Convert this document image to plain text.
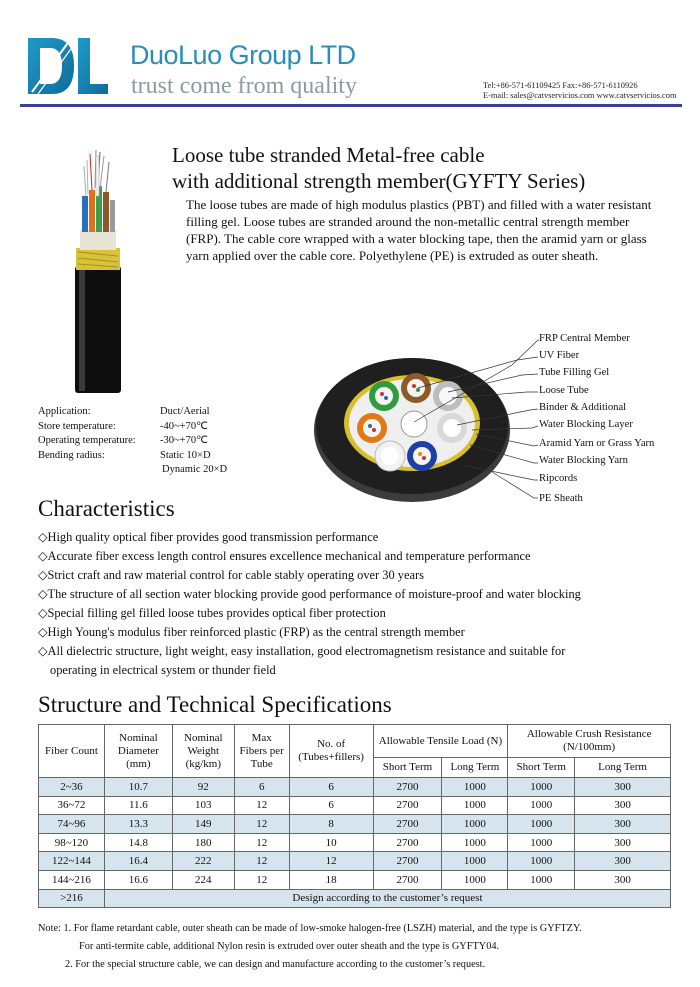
DuoLuo Group LTD
trust come from quality	Tel:+86-571-61109425 Fax:+86-571-6110926
E-mail: sales@catvservicios.com www.catvservicios.com
Loose tube stranded Metal-free cable
with additional strength member(GYFTY Series)
The loose tubes are made of high modulus plastics (PBT) and filled with a water resistant filling gel. Loose tubes are stranded around the non-metallic central strength member (FRP). The cable core wrapped with a water blocking tape, then the aramid yarn or glass yarn applied over the cable core. Polyethylene (PE) is extruded as outer sheath.
Application:	Duct/Aerial
Store temperature:	-40~+70℃
Operating temperature:	-30~+70℃
Bending radius:	Static 10×D
Dynamic 20×D
FRP Central Member
UV Fiber
Tube Filling Gel
Loose Tube
Binder & Additional
Water Blocking Layer
Aramid Yarn or Grass Yarn
Water Blocking Yarn
Ripcords
PE Sheath
Characteristics
◇High quality optical fiber provides good transmission performance
◇Accurate fiber excess length control ensures excellence mechanical and temperature performance
◇Strict craft and raw material control for cable stably operating over 30 years
◇The structure of all section water blocking provide good performance of moisture-proof and water blocking
◇Special filling gel filled loose tubes provides optical fiber protection
◇High Young's modulus fiber reinforced plastic (FRP) as the central strength member
◇All dielectric structure, light weight, easy installation, good electromagnetism resistance and suitable for
operating in electrical system or thunder field
Structure and Technical Specifications
Fiber Count	Nominal Diameter (mm)	Nominal Weight (kg/km)	Max Fibers per Tube	No. of (Tubes+fillers)	Allowable Tensile Load (N)		Allowable Crush Resistance (N/100mm)	
					Short Term	Long Term	Short Term	Long Term
2~36	10.7	92	6	6	2700	1000	1000	300
36~72	11.6	103	12	6	2700	1000	1000	300
74~96	13.3	149	12	8	2700	1000	1000	300
98~120	14.8	180	12	10	2700	1000	1000	300
122~144	16.4	222	12	12	2700	1000	1000	300
144~216	16.6	224	12	18	2700	1000	1000	300
>216	Design according to the customer’s request							
Note: 1. For flame retardant cable, outer sheath can be made of low-smoke halogen-free (LSZH) material, and the type is GYFTZY.
For anti-termite cable, additional Nylon resin is extruded over outer sheath and the type is GYFTY04.
2. For the special structure cable, we can design and manufacture according to the customer’s request.
